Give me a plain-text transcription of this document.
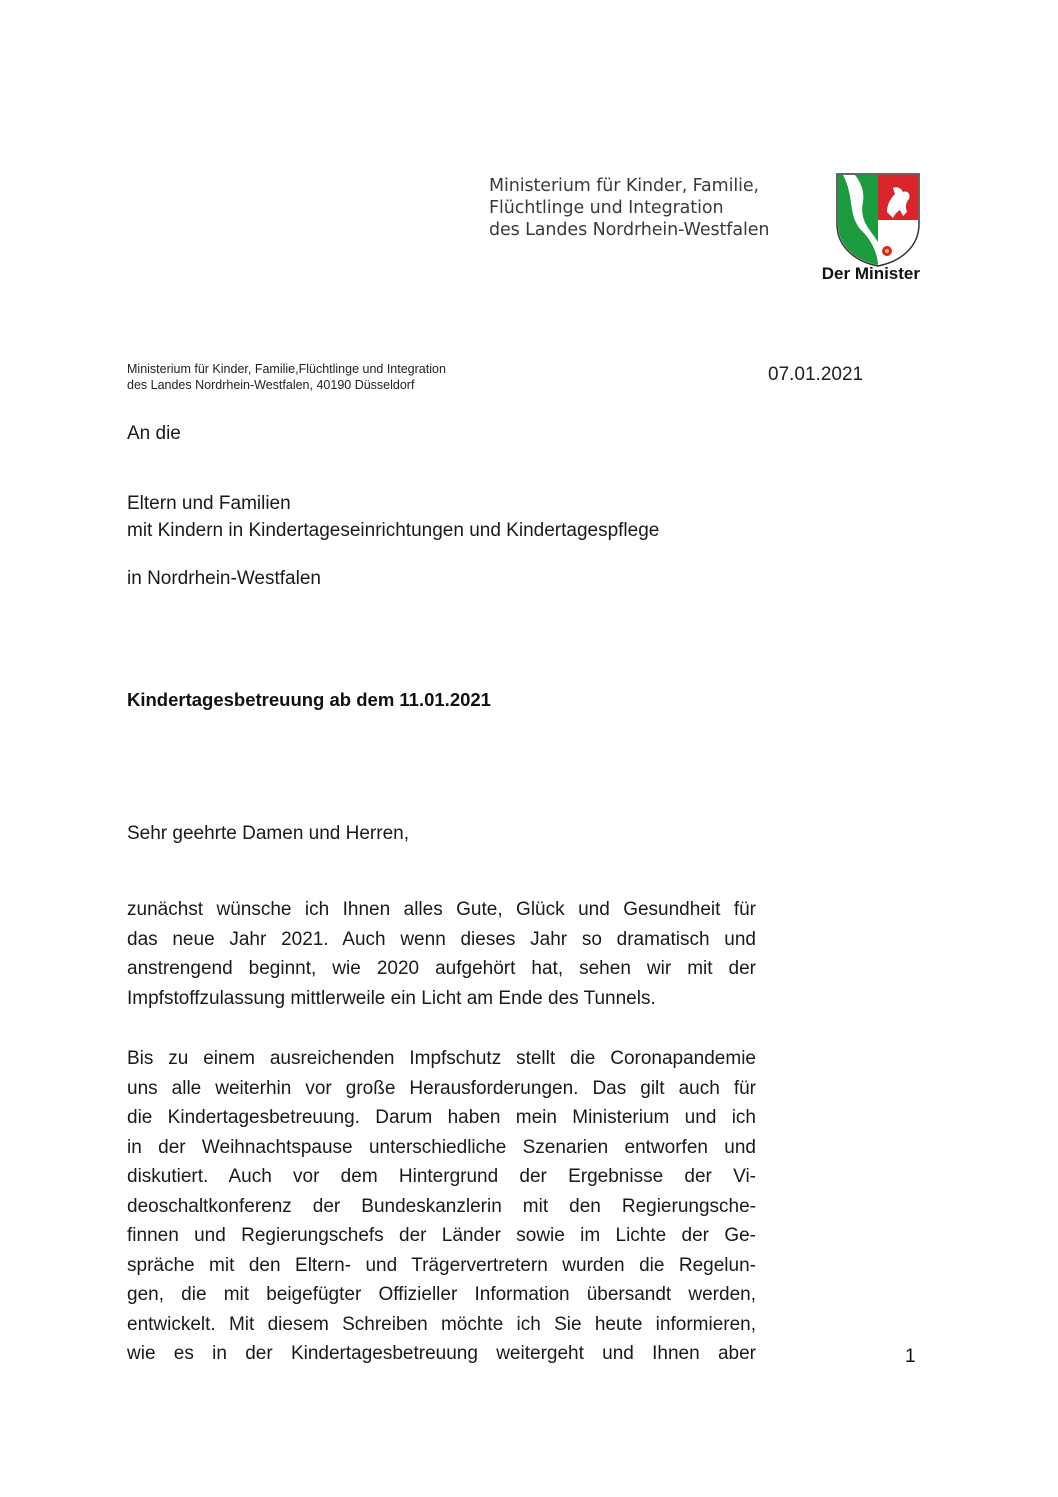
Ministerium für Kinder, Familie,
Flüchtlinge und Integration
des Landes Nordrhein-Westfalen
Der Minister
Ministerium für Kinder, Familie,Flüchtlinge und Integration
des Landes Nordrhein-Westfalen, 40190 Düsseldorf	07.01.2021
An die
Eltern und Familien
mit Kindern in Kindertageseinrichtungen und Kindertagespflege
in Nordrhein-Westfalen
Kindertagesbetreuung ab dem 11.01.2021
Sehr geehrte Damen und Herren,
zunächst wünsche ich Ihnen alles Gute, Glück und Gesundheit für
das neue Jahr 2021. Auch wenn dieses Jahr so dramatisch und
anstrengend beginnt, wie 2020 aufgehört hat, sehen wir mit der
Impfstoffzulassung mittlerweile ein Licht am Ende des Tunnels.
Bis zu einem ausreichenden Impfschutz stellt die Coronapandemie
uns alle weiterhin vor große Herausforderungen. Das gilt auch für
die Kindertagesbetreuung. Darum haben mein Ministerium und ich
in der Weihnachtspause unterschiedliche Szenarien entworfen und
diskutiert. Auch vor dem Hintergrund der Ergebnisse der Vi-
deoschaltkonferenz der Bundeskanzlerin mit den Regierungsche-
finnen und Regierungschefs der Länder sowie im Lichte der Ge-
spräche mit den Eltern- und Trägervertretern wurden die Regelun-
gen, die mit beigefügter Offizieller Information übersandt werden,
entwickelt. Mit diesem Schreiben möchte ich Sie heute informieren,
wie es in der Kindertagesbetreuung weitergeht und Ihnen aber	1
